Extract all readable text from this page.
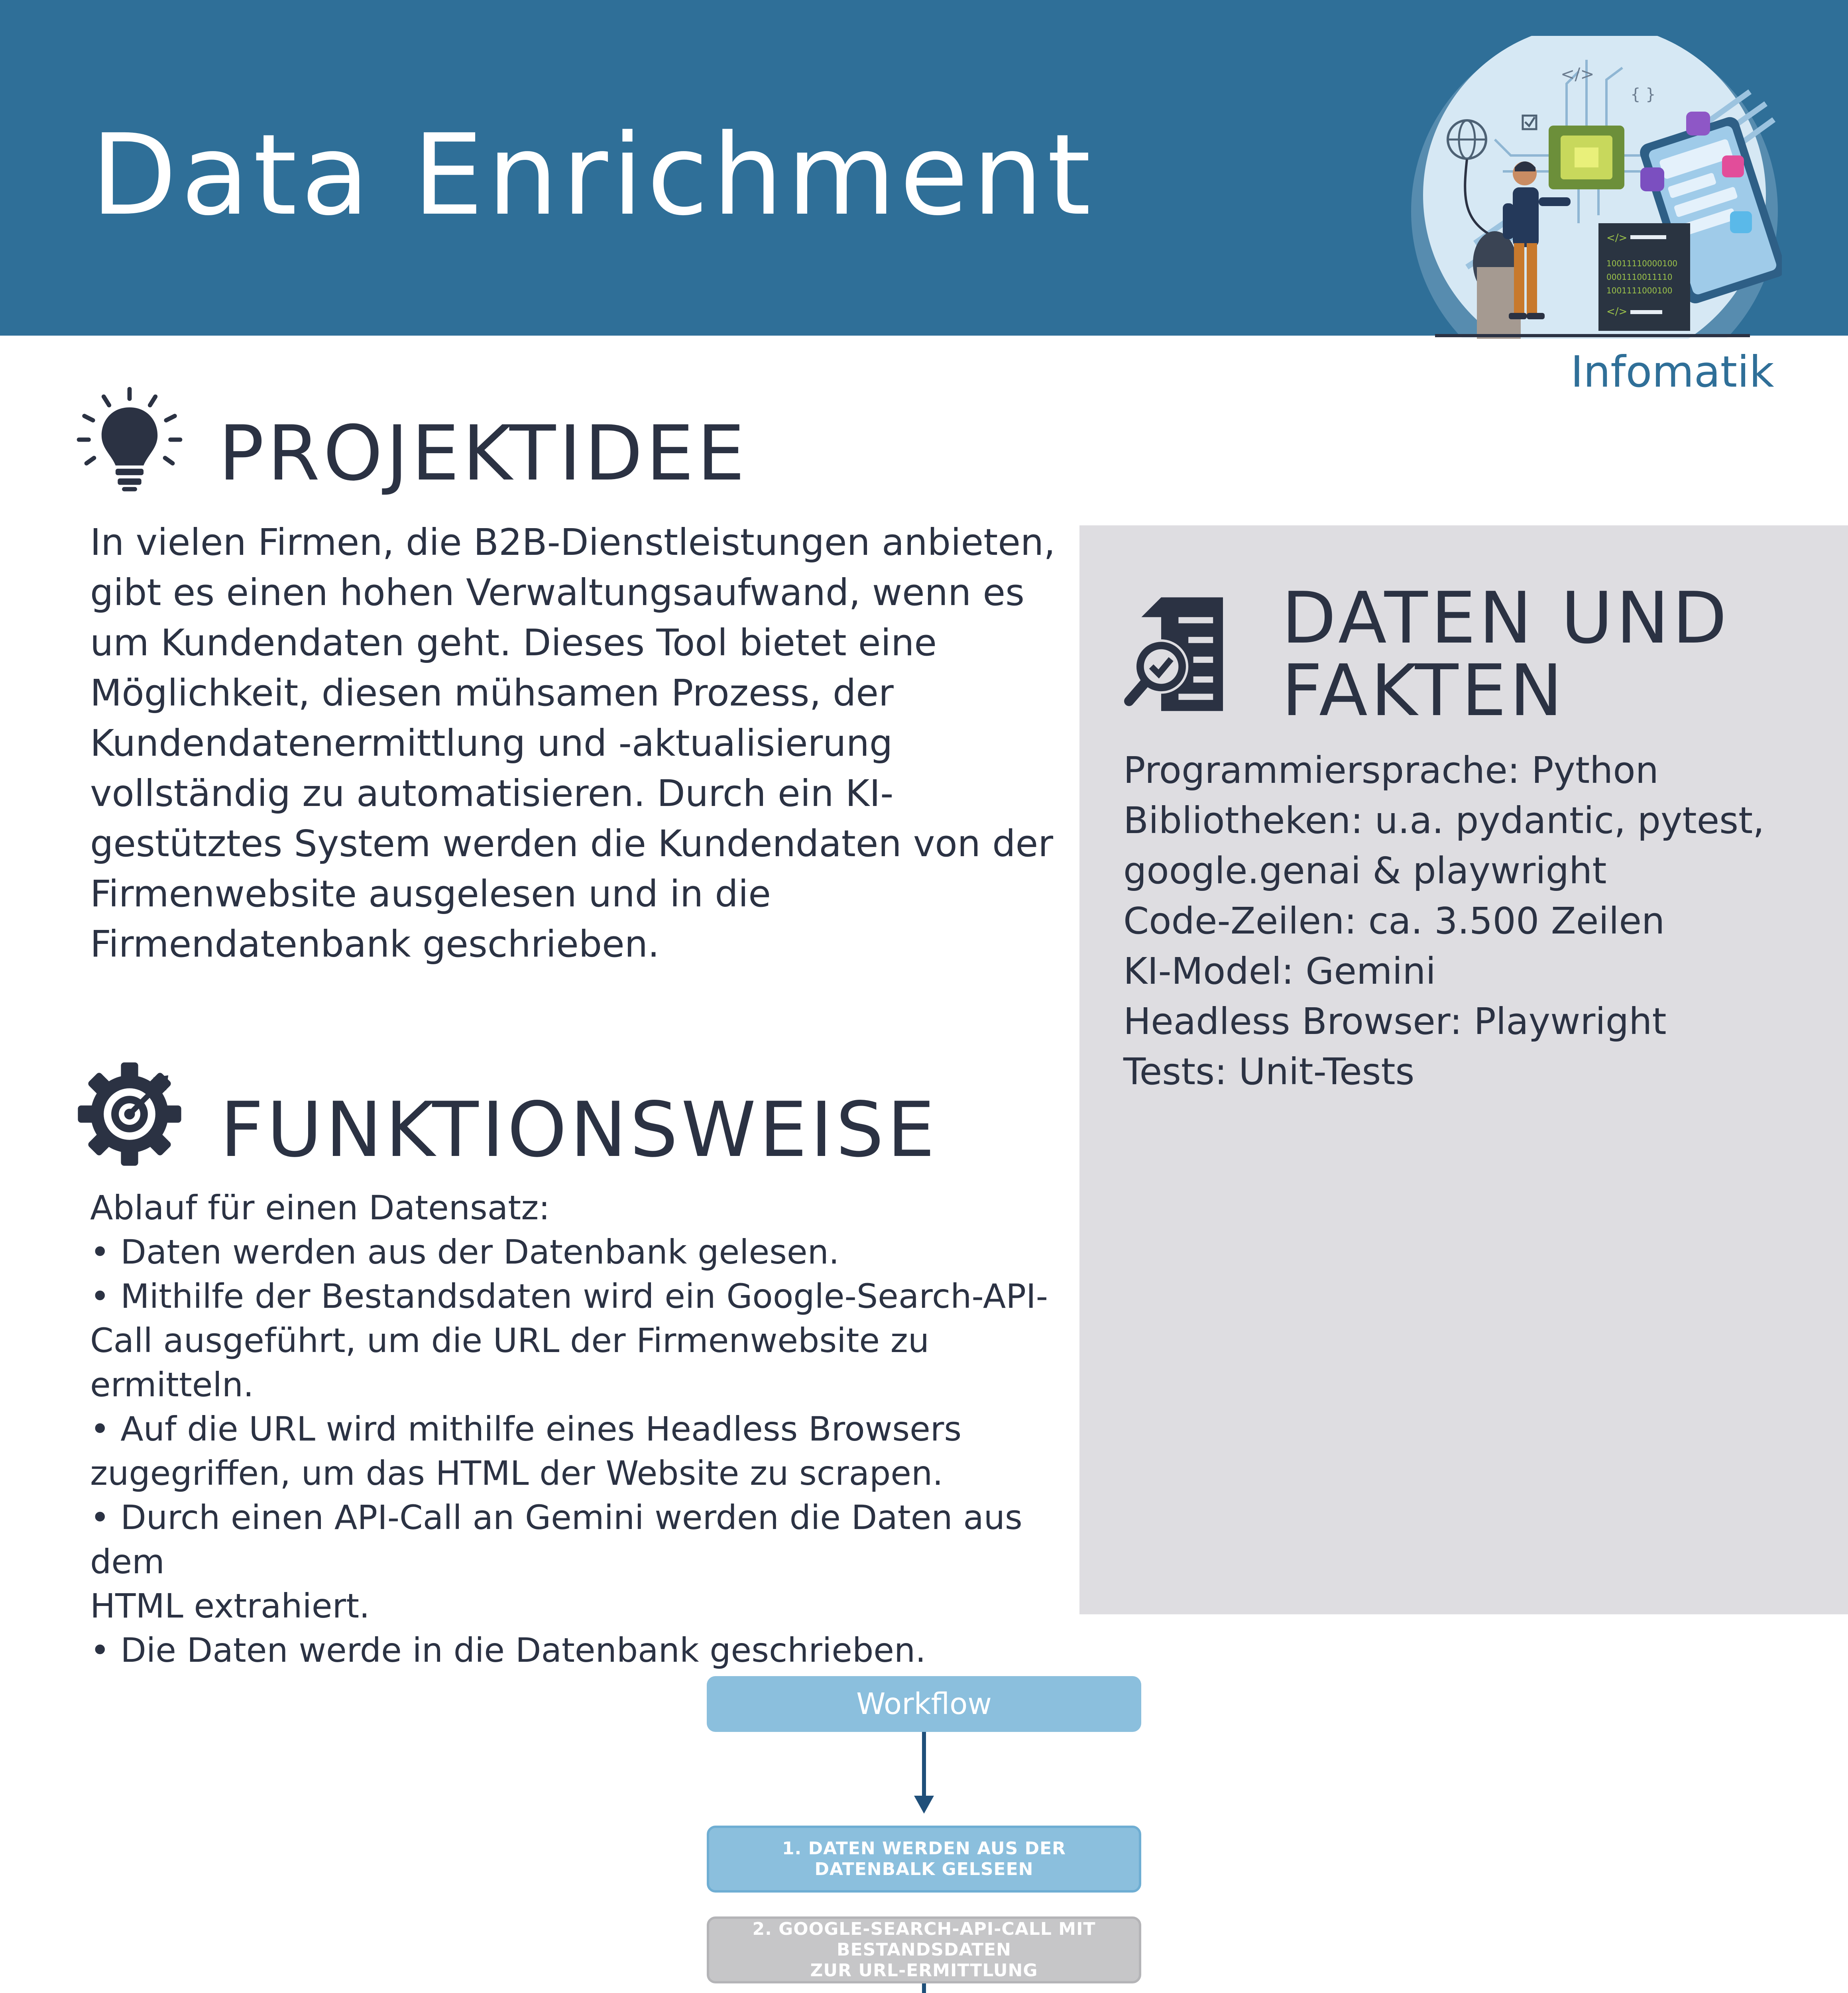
Data Enrichment
</>
{ }
</>
10011110000100
0001110011110
1001111000100
</>
Infomatik
PROJEKTIDEE
In vielen Firmen, die B2B-Dienstleistungen anbieten,
gibt es einen hohen Verwaltungsaufwand, wenn es
um Kundendaten geht. Dieses Tool bietet eine
Möglichkeit, diesen mühsamen Prozess, der
Kundendatenermittlung und -aktualisierung
vollständig zu automatisieren. Durch ein KI-
gestütztes System werden die Kundendaten von der
Firmenwebsite ausgelesen und in die
Firmendatenbank geschrieben.
DATEN UND
FAKTEN
Programmiersprache: Python
Bibliotheken: u.a. pydantic, pytest,
google.genai & playwright
Code-Zeilen: ca. 3.500 Zeilen
KI-Model: Gemini
Headless Browser: Playwright
Tests: Unit-Tests
FUNKTIONSWEISE
Ablauf für einen Datensatz:
• Daten werden aus der Datenbank gelesen.
• Mithilfe der Bestandsdaten wird ein Google-Search-API-
Call ausgeführt, um die URL der Firmenwebsite zu ermitteln.
• Auf die URL wird mithilfe eines Headless Browsers
zugegriffen, um das HTML der Website zu scrapen.
• Durch einen API-Call an Gemini werden die Daten aus dem
HTML extrahiert.
• Die Daten werde in die Datenbank geschrieben.
Workflow
1. DATEN WERDEN AUS DER DATENBALK GELSEEN
2. GOOGLE-SEARCH-API-CALL MIT BESTANDSDATEN
ZUR URL-ERMITTLUNG
